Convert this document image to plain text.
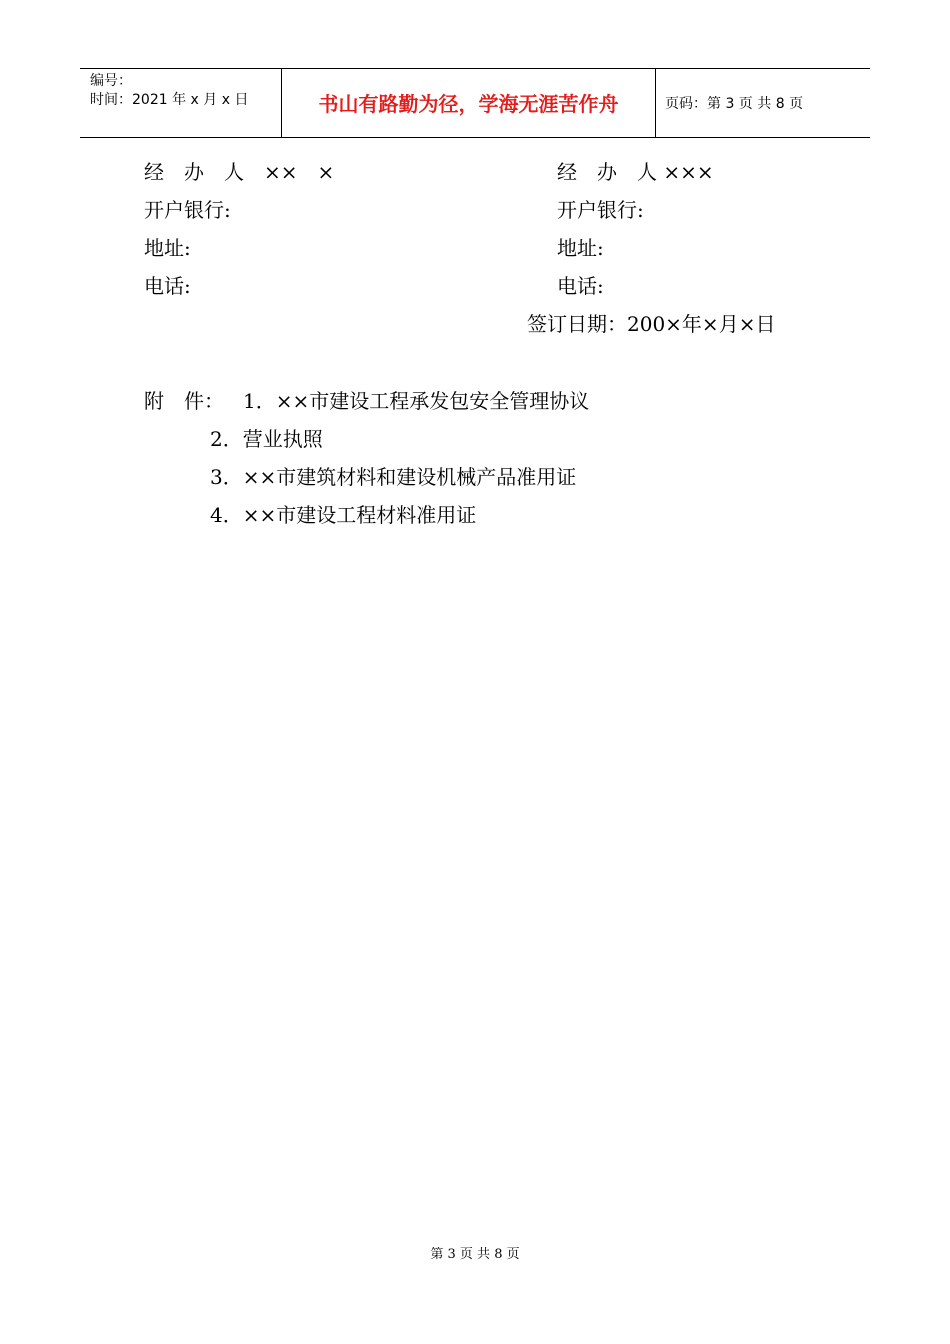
编号：
时间：2021 年 x 月 x 日	书山有路勤为径，学海无涯苦作舟	页码：第 3 页 共 8 页
经　办　人　××　×
开户银行:
地址:
电话:
经　办　人 ×××
开户银行:
地址:
电话:
签订日期：200×年×月×日
附　件： 1．××市建设工程承发包安全管理协议
2．营业执照
3．××市建筑材料和建设机械产品准用证
4．××市建设工程材料准用证
第 3 页 共 8 页
